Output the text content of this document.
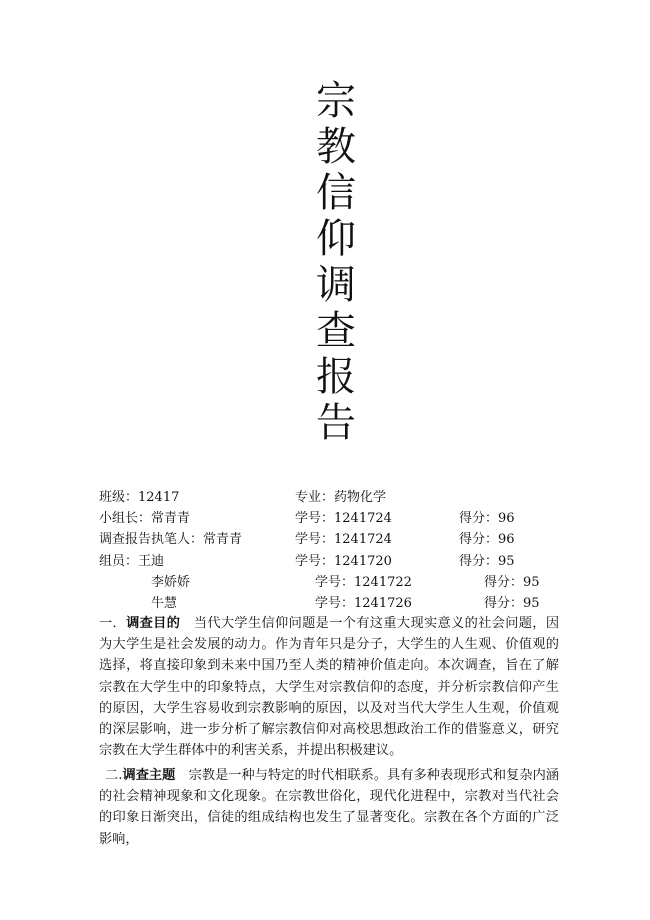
宗
教
信
仰
调
查
报
告
班级：12417	专业：药物化学
小组长：常青青	学号：1241724	得分：96
调查报告执笔人：常青青	学号：1241724	得分：96
组员：王迪	学号：1241720	得分：95
李娇娇	学号：1241722	得分：95
牛慧	学号：1241726	得分：95
一．调查目的　当代大学生信仰问题是一个有这重大现实意义的社会问题，因为大学生是社会发展的动力。作为青年只是分子，大学生的人生观、价值观的选择，将直接印象到未来中国乃至人类的精神价值走向。本次调查，旨在了解宗教在大学生中的印象特点，大学生对宗教信仰的态度，并分析宗教信仰产生的原因，大学生容易收到宗教影响的原因，以及对当代大学生人生观，价值观的深层影响，进一步分析了解宗教信仰对高校思想政治工作的借鉴意义，研究宗教在大学生群体中的利害关系，并提出积极建议。
二.调查主题　宗教是一种与特定的时代相联系。具有多种表现形式和复杂内涵的社会精神现象和文化现象。在宗教世俗化，现代化进程中，宗教对当代社会的印象日渐突出，信徒的组成结构也发生了显著变化。宗教在各个方面的广泛影响，
